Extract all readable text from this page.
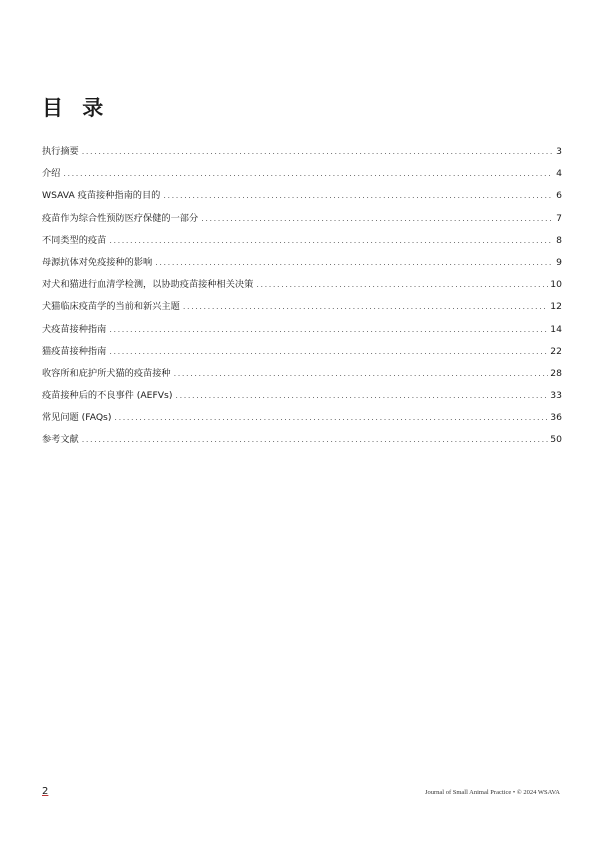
目 录
执行摘要 .....	3
介绍 .....	4
WSAVA 疫苗接种指南的目的 .....	6
疫苗作为综合性预防医疗保健的一部分 .....	7
不同类型的疫苗 .....	8
母源抗体对免疫接种的影响 .....	9
对犬和猫进行血清学检测，以协助疫苗接种相关决策 .....	10
犬猫临床疫苗学的当前和新兴主题 .....	12
犬疫苗接种指南 .....	14
猫疫苗接种指南 .....	22
收容所和庇护所犬猫的疫苗接种 .....	28
疫苗接种后的不良事件 (AEFVs) .....	33
常见问题 (FAQs) .....	36
参考文献 .....	50
2	Journal of Small Animal Practice • © 2024 WSAVA
